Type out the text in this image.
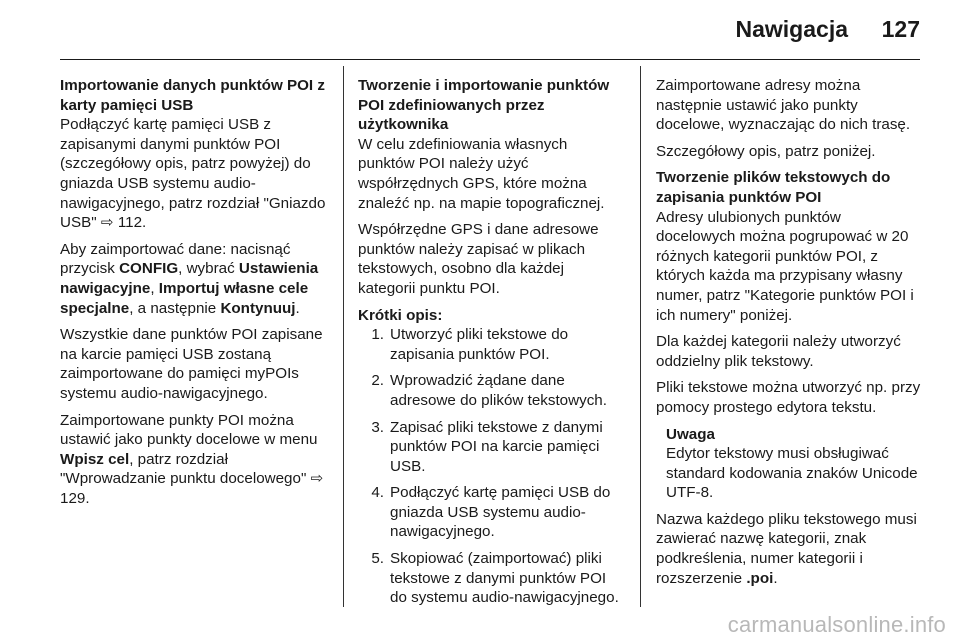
Nawigacja 127
Importowanie danych punktów POI z karty pamięci USB

Podłączyć kartę pamięci USB z zapisanymi danymi punktów POI (szczegółowy opis, patrz powyżej) do gniazda USB systemu audio-nawigacyjnego, patrz rozdział "Gniazdo USB" ⇨ 112.

Aby zaimportować dane: nacisnąć przycisk CONFIG, wybrać Ustawienia nawigacyjne, Importuj własne cele specjalne, a następnie Kontynuuj.

Wszystkie dane punktów POI zapisane na karcie pamięci USB zostaną zaimportowane do pamięci myPOIs systemu audio-nawigacyjnego.

Zaimportowane punkty POI można ustawić jako punkty docelowe w menu Wpisz cel, patrz rozdział "Wprowadzanie punktu docelowego" ⇨ 129.

Tworzenie i importowanie punktów POI zdefiniowanych przez użytkownika

W celu zdefiniowania własnych punktów POI należy użyć współrzędnych GPS, które można znaleźć np. na mapie topograficznej.

Współrzędne GPS i dane adresowe punktów należy zapisać w plikach tekstowych, osobno dla każdej kategorii punktu POI.

Krótki opis:
1. Utworzyć pliki tekstowe do zapisania punktów POI.
2. Wprowadzić żądane dane adresowe do plików tekstowych.
3. Zapisać pliki tekstowe z danymi punktów POI na karcie pamięci USB.
4. Podłączyć kartę pamięci USB do gniazda USB systemu audio-nawigacyjnego.
5. Skopiować (zaimportować) pliki tekstowe z danymi punktów POI do systemu audio-nawigacyjnego.

Zaimportowane adresy można następnie ustawić jako punkty docelowe, wyznaczając do nich trasę.

Szczegółowy opis, patrz poniżej.

Tworzenie plików tekstowych do zapisania punktów POI

Adresy ulubionych punktów docelowych można pogrupować w 20 różnych kategorii punktów POI, z których każda ma przypisany własny numer, patrz "Kategorie punktów POI i ich numery" poniżej.

Dla każdej kategorii należy utworzyć oddzielny plik tekstowy.

Pliki tekstowe można utworzyć np. przy pomocy prostego edytora tekstu.

Uwaga
Edytor tekstowy musi obsługiwać standard kodowania znaków Unicode UTF-8.

Nazwa każdego pliku tekstowego musi zawierać nazwę kategorii, znak podkreślenia, numer kategorii i rozszerzenie .poi.

carmanualsonline.info
